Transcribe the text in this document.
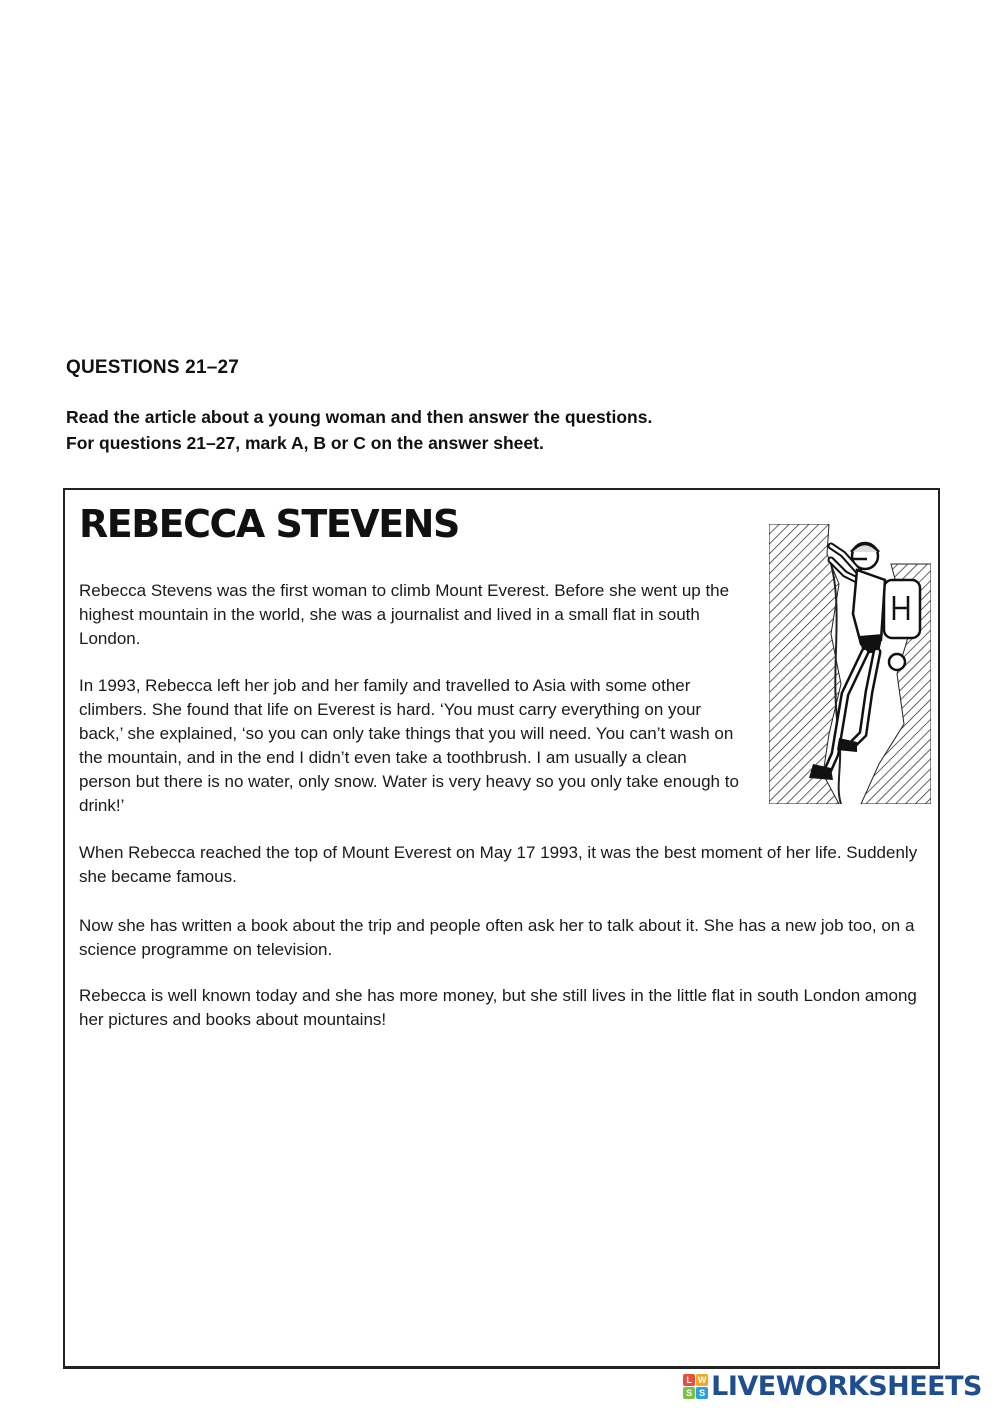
QUESTIONS 21–27
Read the article about a young woman and then answer the questions.
For questions 21–27, mark A, B or C on the answer sheet.
REBECCA STEVENS

Rebecca Stevens was the first woman to climb Mount Everest. Before she went up the highest mountain in the world, she was a journalist and lived in a small flat in south London.

In 1993, Rebecca left her job and her family and travelled to Asia with some other climbers. She found that life on Everest is hard. ‘You must carry everything on your back,’ she explained, ‘so you can only take things that you will need. You can’t wash on the mountain, and in the end I didn’t even take a toothbrush. I am usually a clean person but there is no water, only snow. Water is very heavy so you only take enough to drink!’

When Rebecca reached the top of Mount Everest on May 17 1993, it was the best moment of her life. Suddenly she became famous.

Now she has written a book about the trip and people often ask her to talk about it. She has a new job too, on a science programme on television.

Rebecca is well known today and she has more money, but she still lives in the little flat in south London among her pictures and books about mountains!

L W
S S LIVEWORKSHEETS
